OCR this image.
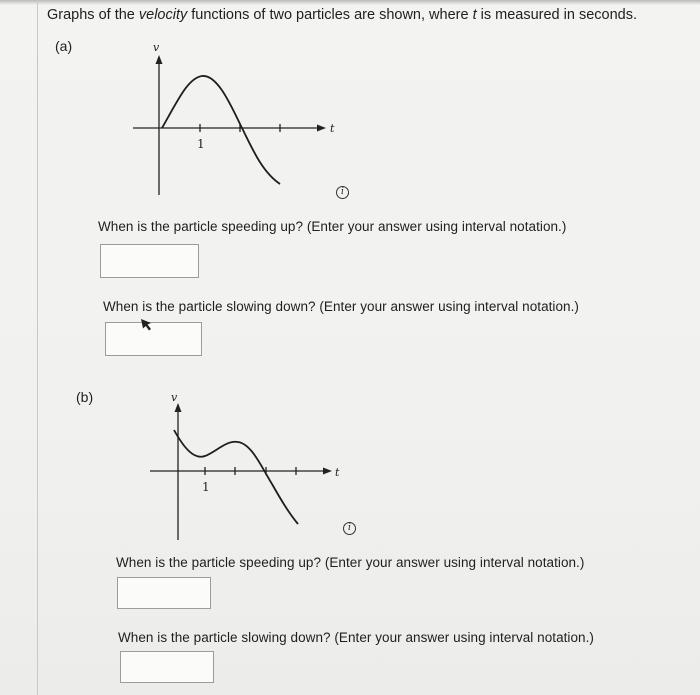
Graphs of the velocity functions of two particles are shown, where t is measured in seconds.
(a)	v
t
1
i
When is the particle speeding up? (Enter your answer using interval notation.)
When is the particle slowing down? (Enter your answer using interval notation.)
(b)	v
t
1
i
When is the particle speeding up? (Enter your answer using interval notation.)
When is the particle slowing down? (Enter your answer using interval notation.)
